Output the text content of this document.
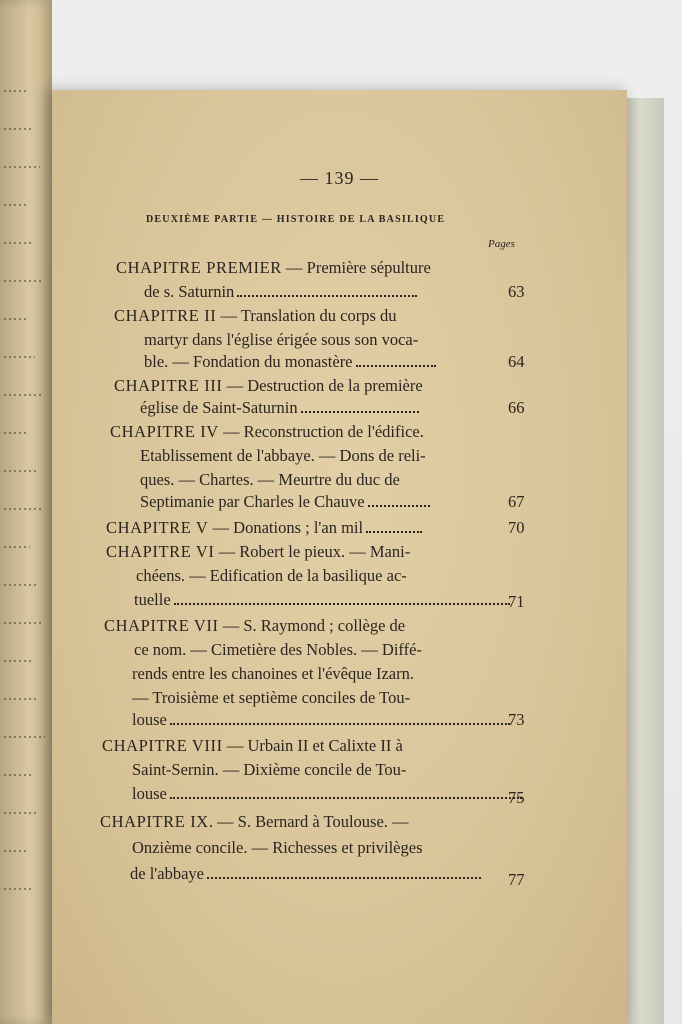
— 139 —
DEUXIÈME PARTIE — HISTOIRE DE LA BASILIQUE
Pages
CHAPITRE PREMIER — Première sépulture
de s. Saturnin	63
CHAPITRE II — Translation du corps du
martyr dans l'église érigée sous son voca-
ble. — Fondation du monastère	64
CHAPITRE III — Destruction de la première
église de Saint-Saturnin	66
CHAPITRE IV — Reconstruction de l'édifice.
Etablissement de l'abbaye. — Dons de reli-
ques. — Chartes. — Meurtre du duc de
Septimanie par Charles le Chauve	67
CHAPITRE V — Donations ; l'an mil	70
CHAPITRE VI — Robert le pieux. — Mani-
chéens. — Edification de la basilique ac-
tuelle	71
CHAPITRE VII — S. Raymond ; collège de
ce nom. — Cimetière des Nobles. — Diffé-
rends entre les chanoines et l'évêque Izarn.
— Troisième et septième conciles de Tou-
louse	73
CHAPITRE VIII — Urbain II et Calixte II à
Saint-Sernin. — Dixième concile de Tou-
louse	75
CHAPITRE IX. — S. Bernard à Toulouse. —
Onzième concile. — Richesses et privilèges
de l'abbaye	77
